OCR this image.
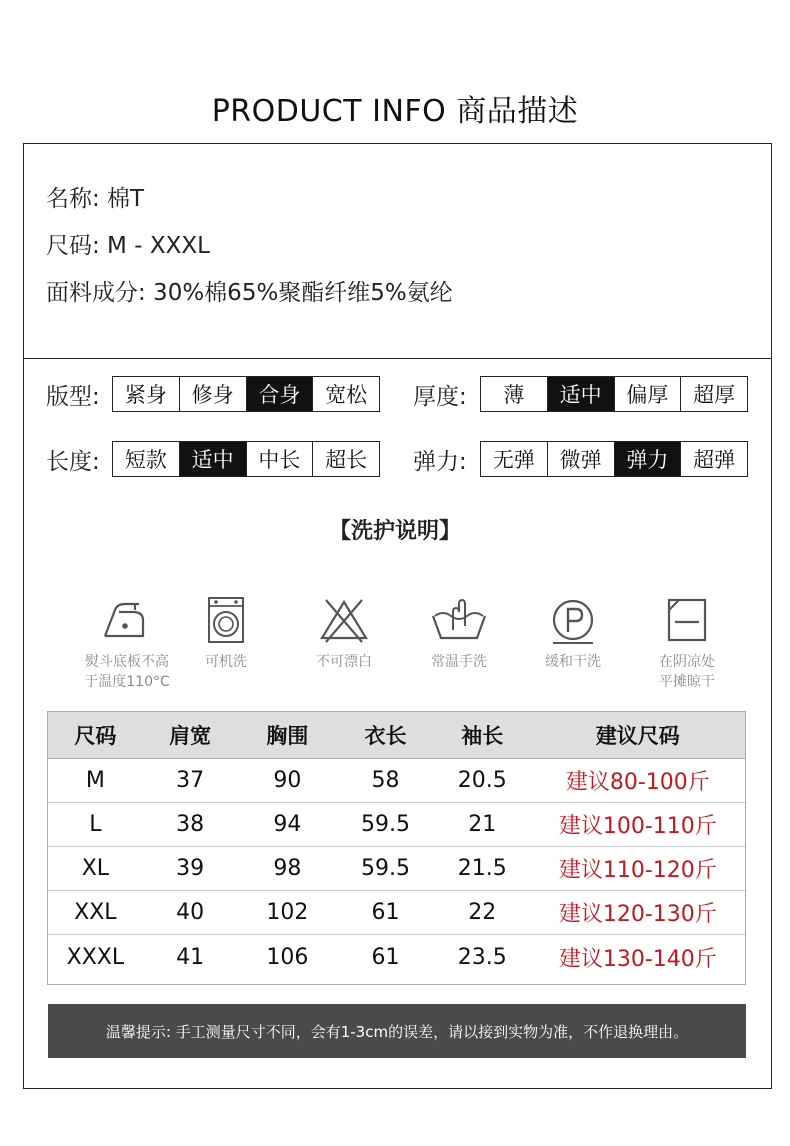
PRODUCT INFO 商品描述
名称: 棉T
尺码: M - XXXL
面料成分: 30%棉65%聚酯纤维5%氨纶
版型:	紧身	修身	合身	宽松	厚度:	薄	适中	偏厚	超厚
长度:	短款	适中	中长	超长	弹力:	无弹	微弹	弹力	超弹
【洗护说明】
熨斗底板不高
于温度110°C
可机洗	不可漂白	常温手洗	缓和干洗	在阴凉处
平摊晾干
尺码	肩宽	胸围	衣长	袖长	建议尺码
M	37	90	58	20.5	建议80-100斤
L	38	94	59.5	21	建议100-110斤
XL	39	98	59.5	21.5	建议110-120斤
XXL	40	102	61	22	建议120-130斤
XXXL	41	106	61	23.5	建议130-140斤
温馨提示: 手工测量尺寸不同，会有1-3cm的误差，请以接到实物为准，不作退换理由。
